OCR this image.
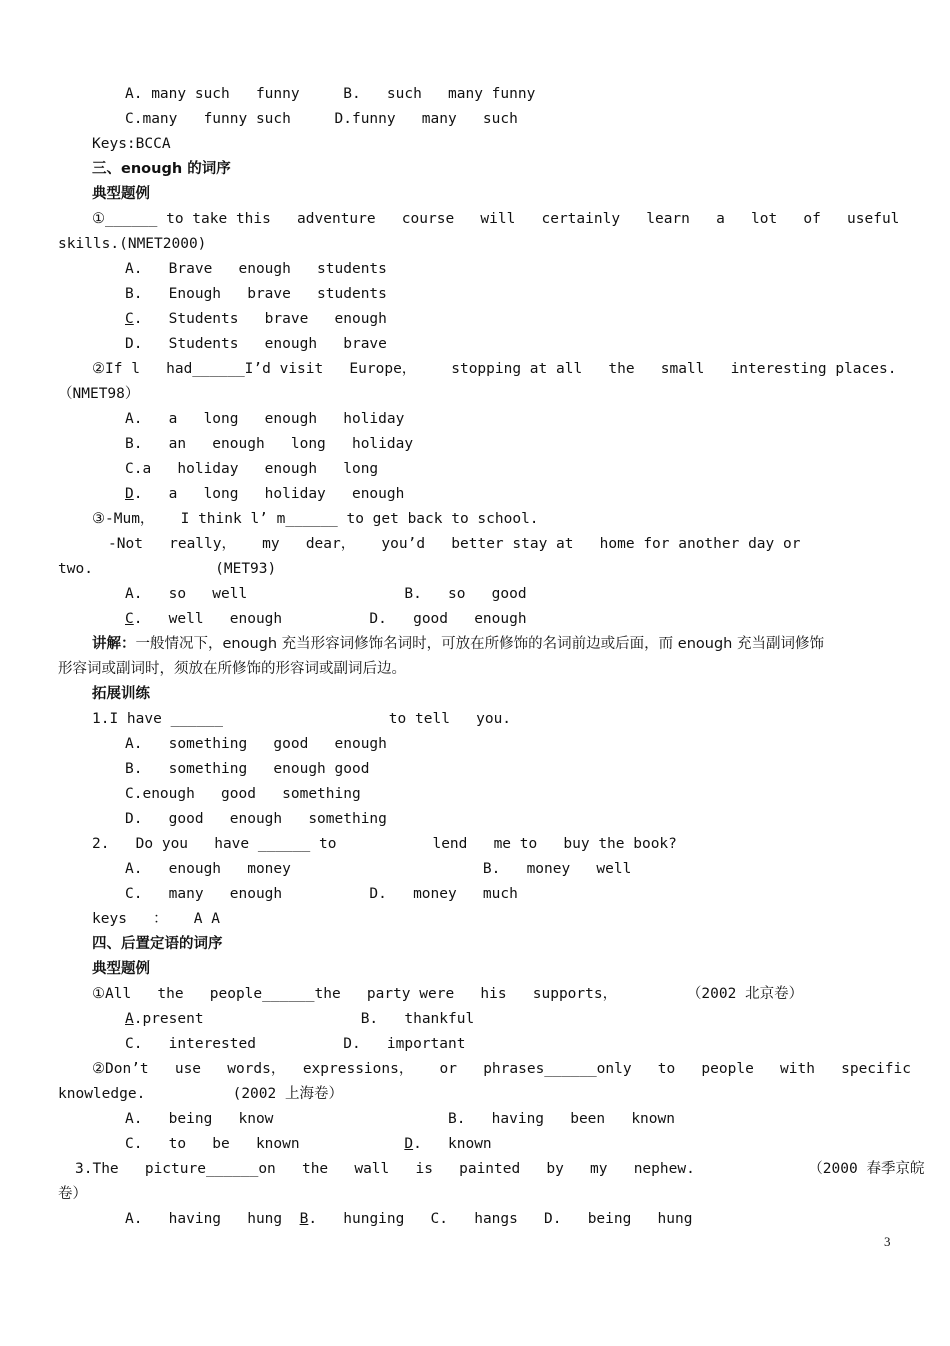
A. many such   funny     B.   such   many funny
C.many   funny such     D.funny   many   such
Keys:BCCA
三、enough 的词序
典型题例
①______ to take this   adventure   course   will   certainly   learn   a   lot   of   useful
skills.(NMET2000)
A.   Brave   enough   students
B.   Enough   brave   students
C.   Students   brave   enough
D.   Students   enough   brave
②If l   had______I’d visit   Europe，    stopping at all   the   small   interesting places.
（NMET98）
A.   a   long   enough   holiday
B.   an   enough   long   holiday
C.a   holiday   enough   long
D.   a   long   holiday   enough
③-Mum，   I think l’ m______ to get back to school.
-Not   really，   my   dear，   you’d   better stay at   home for another day or
two.              (MET93)
A.   so   well                  B.   so   good
C.   well   enough          D.   good   enough
讲解：一般情况下，enough 充当形容词修饰名词时，可放在所修饰的名词前边或后面，而 enough 充当副词修饰
形容词或副词时，须放在所修饰的形容词或副词后边。
拓展训练
1.I have ______                   to tell   you.
A.   something   good   enough
B.   something   enough good
C.enough   good   something
D.   good   enough   something
2.   Do you   have ______ to           lend   me to   buy the book?
A.   enough   money                      B.   money   well
C.   many   enough          D.   money   much
keys   ：   A A
四、后置定语的词序
典型题例
①All   the   people______the   party were   his   supports，        （2002 北京卷）
A.present                  B.   thankful
C.   interested          D.   important
②Don’t   use   words，  expressions，   or   phrases______only   to   people   with   specific
knowledge.          (2002 上海卷）
A.   being   know                    B.   having   been   known
C.   to   be   known            D.   known
3.The   picture______on   the   wall   is   painted   by   my   nephew.             （2000 春季京皖
卷）
A.   having   hung  B.   hunging   C.   hangs   D.   being   hung
3
